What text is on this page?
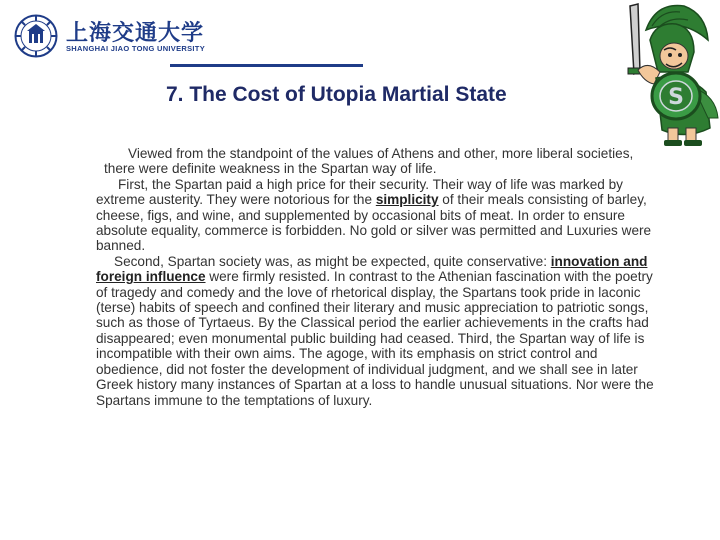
上海交通大学
SHANGHAI JIAO TONG UNIVERSITY
7. The Cost of Utopia Martial State	S

Viewed from the standpoint of the values of Athens and other, more liberal societies, there were definite weakness in the Spartan way of life.

First, the Spartan paid a high price for their security. Their way of life was marked by extreme austerity. They were notorious for the simplicity of their meals consisting of barley, cheese, figs, and wine, and supplemented by occasional bits of meat. In order to ensure absolute equality, commerce is forbidden. No gold or silver was permitted and Luxuries were banned.

Second, Spartan society was, as might be expected, quite conservative: innovation and foreign influence were firmly resisted. In contrast to the Athenian fascination with the poetry of tragedy and comedy and the love of rhetorical display, the Spartans took pride in laconic (terse) habits of speech and confined their literary and music appreciation to patriotic songs, such as those of Tyrtaeus. By the Classical period the earlier achievements in the crafts had disappeared; even monumental public building had ceased. Third, the Spartan way of life is incompatible with their own aims. The agoge, with its emphasis on strict control and obedience, did not foster the development of individual judgment, and we shall see in later Greek history many instances of Spartan at a loss to handle unusual situations. Nor were the Spartans immune to the temptations of luxury.
